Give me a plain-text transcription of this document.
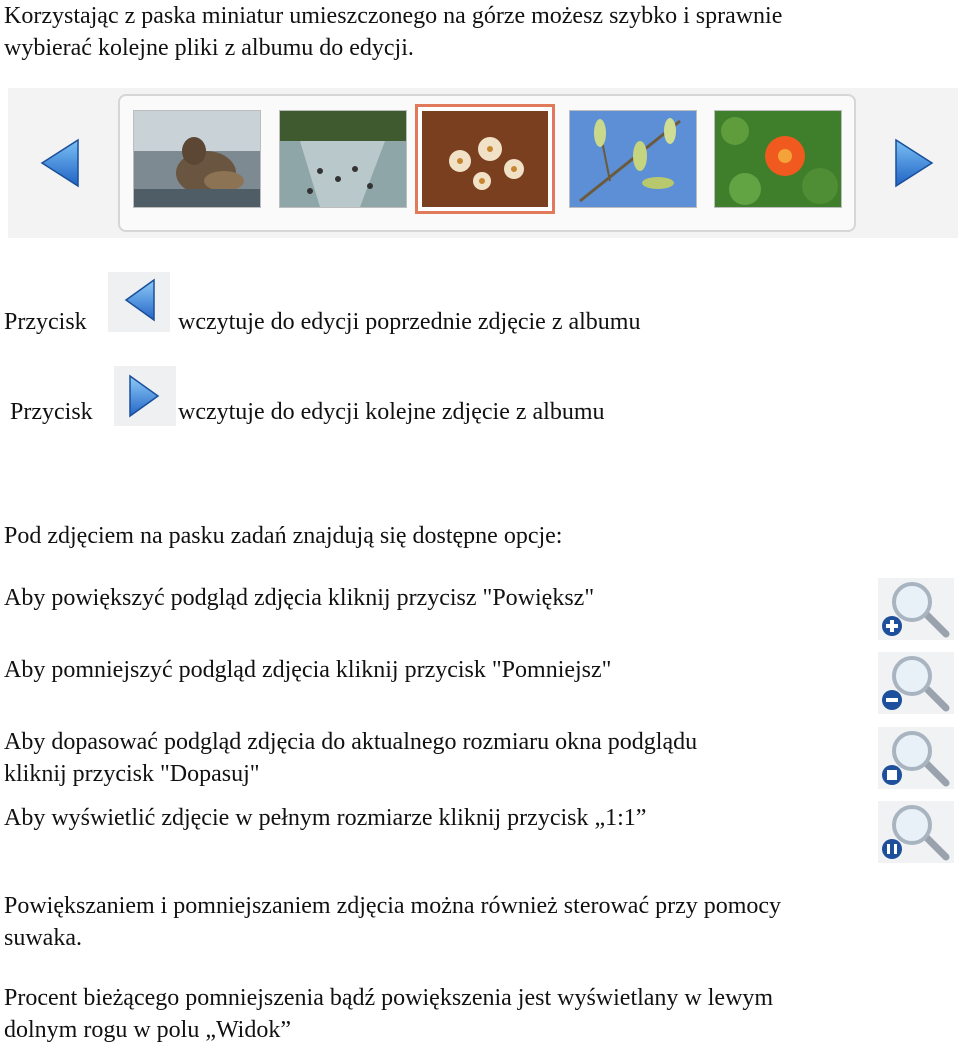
Korzystając z paska miniatur umieszczonego na górze możesz szybko i sprawnie
wybierać kolejne pliki z albumu do edycji.
Przycisk	wczytuje do edycji poprzednie zdjęcie z albumu
Przycisk	wczytuje do edycji kolejne zdjęcie z albumu
Pod zdjęciem na pasku zadań znajdują się dostępne opcje:
Aby powiększyć podgląd zdjęcia kliknij przycisz "Powiększ"
Aby pomniejszyć podgląd zdjęcia kliknij przycisk "Pomniejsz"
Aby dopasować podgląd zdjęcia do aktualnego rozmiaru okna podglądu
kliknij przycisk "Dopasuj"
Aby wyświetlić zdjęcie w pełnym rozmiarze kliknij przycisk „1:1”
Powiększaniem i pomniejszaniem zdjęcia można również sterować przy pomocy
suwaka.
Procent bieżącego pomniejszenia bądź powiększenia jest wyświetlany w lewym
dolnym rogu w polu „Widok”
